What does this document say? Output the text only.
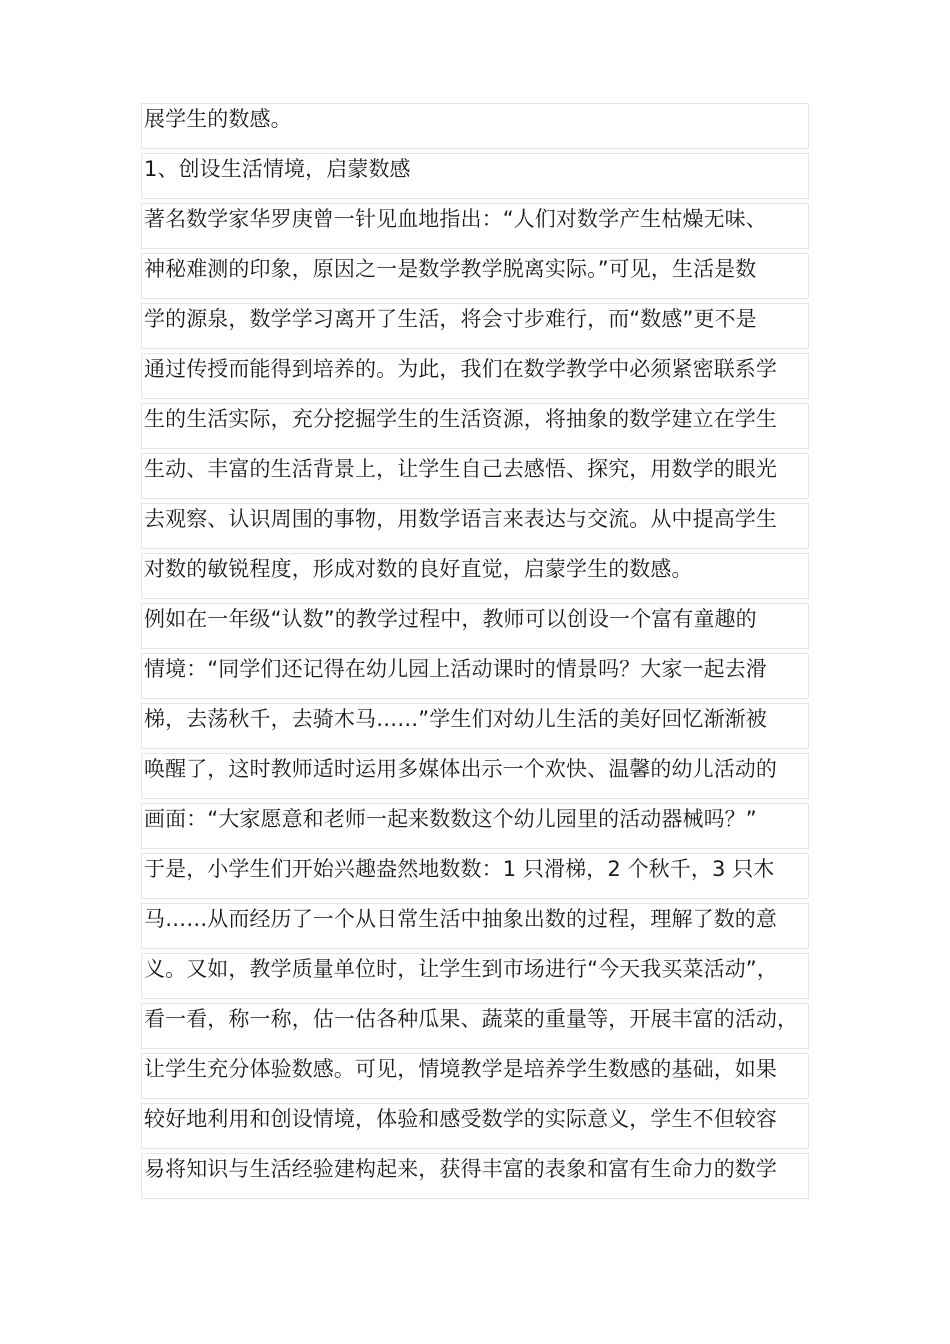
展学生的数感。
1、创设生活情境，启蒙数感
著名数学家华罗庚曾一针见血地指出：“人们对数学产生枯燥无味、
神秘难测的印象，原因之一是数学教学脱离实际。”可见，生活是数
学的源泉，数学学习离开了生活，将会寸步难行，而“数感”更不是
通过传授而能得到培养的。为此，我们在数学教学中必须紧密联系学
生的生活实际，充分挖掘学生的生活资源，将抽象的数学建立在学生
生动、丰富的生活背景上，让学生自己去感悟、探究，用数学的眼光
去观察、认识周围的事物，用数学语言来表达与交流。从中提高学生
对数的敏锐程度，形成对数的良好直觉，启蒙学生的数感。
例如在一年级“认数”的教学过程中，教师可以创设一个富有童趣的
情境：“同学们还记得在幼儿园上活动课时的情景吗？大家一起去滑
梯，去荡秋千，去骑木马……”学生们对幼儿生活的美好回忆渐渐被
唤醒了，这时教师适时运用多媒体出示一个欢快、温馨的幼儿活动的
画面：“大家愿意和老师一起来数数这个幼儿园里的活动器械吗？”
于是，小学生们开始兴趣盎然地数数：1 只滑梯，2 个秋千，3 只木
马……从而经历了一个从日常生活中抽象出数的过程，理解了数的意
义。又如，教学质量单位时，让学生到市场进行“今天我买菜活动”，
看一看，称一称，估一估各种瓜果、蔬菜的重量等，开展丰富的活动，
让学生充分体验数感。可见，情境教学是培养学生数感的基础，如果
较好地利用和创设情境，体验和感受数学的实际意义，学生不但较容
易将知识与生活经验建构起来，获得丰富的表象和富有生命力的数学
